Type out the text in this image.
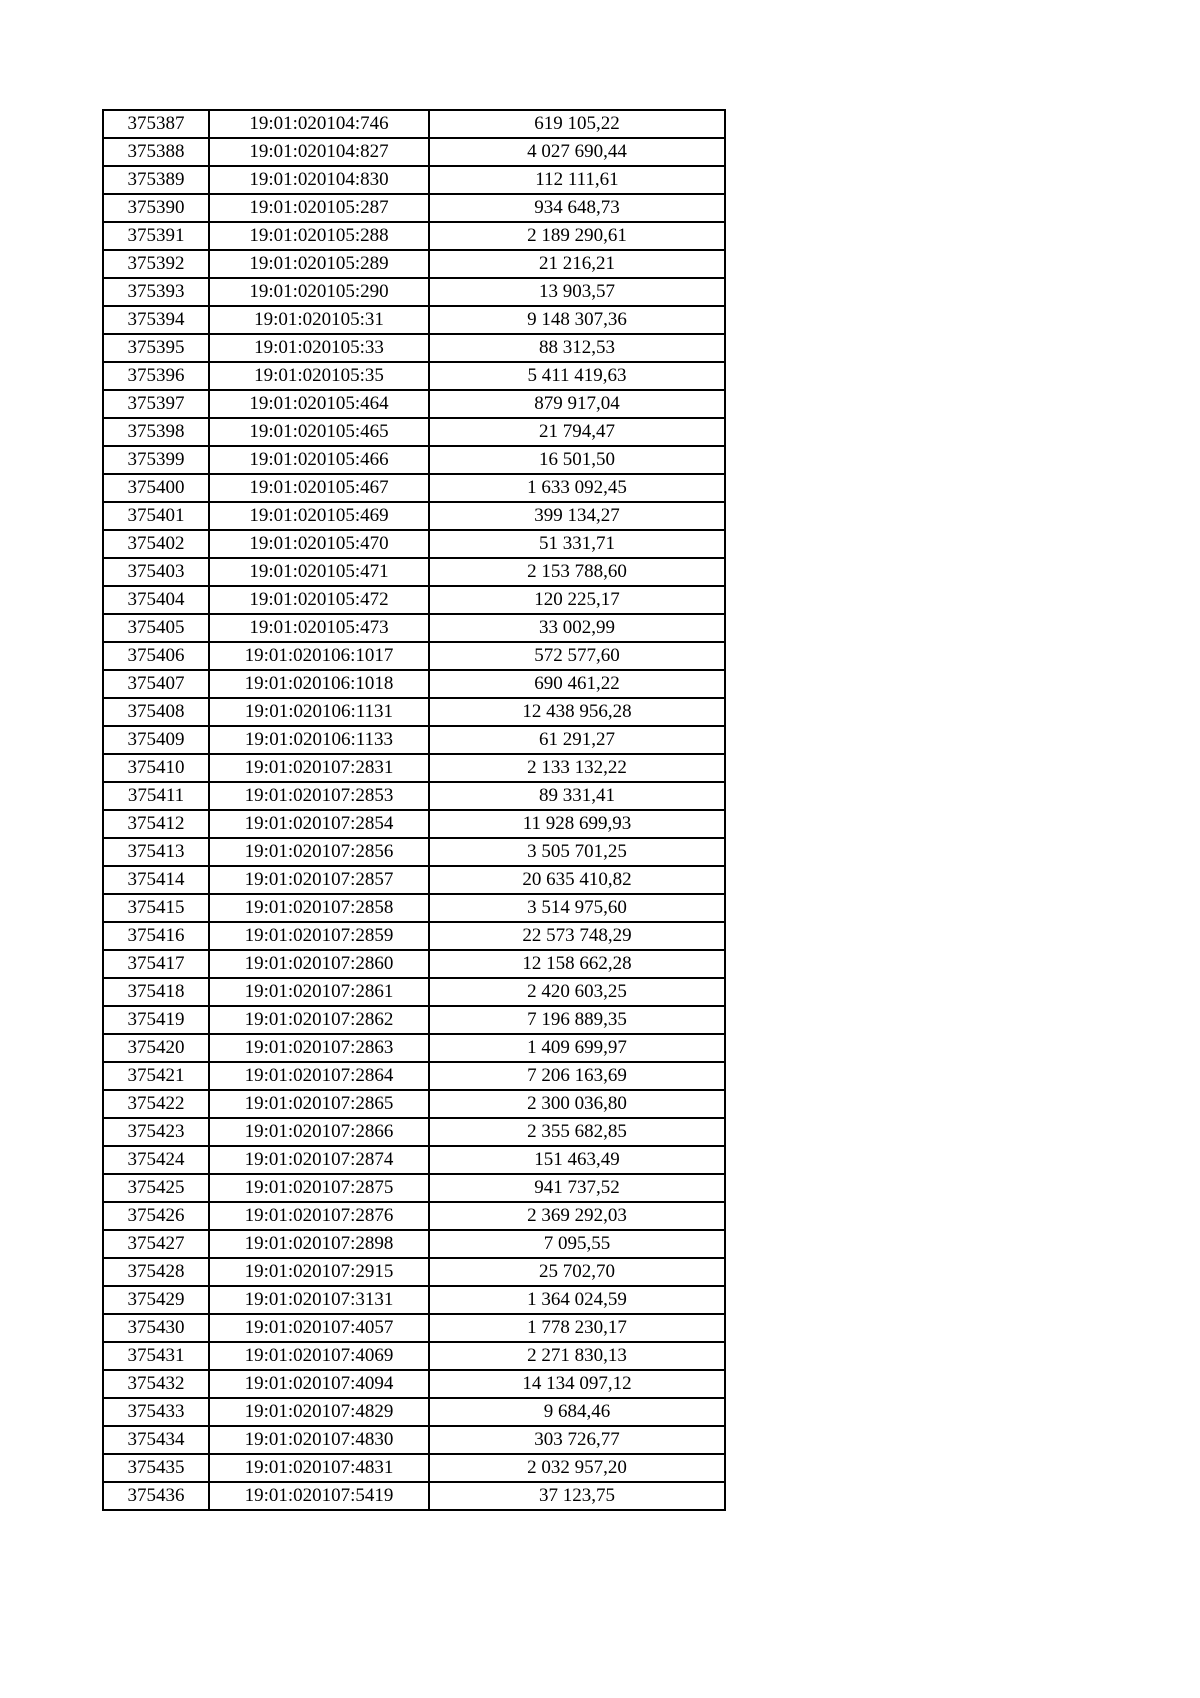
375387	19:01:020104:746	619 105,22
375388	19:01:020104:827	4 027 690,44
375389	19:01:020104:830	112 111,61
375390	19:01:020105:287	934 648,73
375391	19:01:020105:288	2 189 290,61
375392	19:01:020105:289	21 216,21
375393	19:01:020105:290	13 903,57
375394	19:01:020105:31	9 148 307,36
375395	19:01:020105:33	88 312,53
375396	19:01:020105:35	5 411 419,63
375397	19:01:020105:464	879 917,04
375398	19:01:020105:465	21 794,47
375399	19:01:020105:466	16 501,50
375400	19:01:020105:467	1 633 092,45
375401	19:01:020105:469	399 134,27
375402	19:01:020105:470	51 331,71
375403	19:01:020105:471	2 153 788,60
375404	19:01:020105:472	120 225,17
375405	19:01:020105:473	33 002,99
375406	19:01:020106:1017	572 577,60
375407	19:01:020106:1018	690 461,22
375408	19:01:020106:1131	12 438 956,28
375409	19:01:020106:1133	61 291,27
375410	19:01:020107:2831	2 133 132,22
375411	19:01:020107:2853	89 331,41
375412	19:01:020107:2854	11 928 699,93
375413	19:01:020107:2856	3 505 701,25
375414	19:01:020107:2857	20 635 410,82
375415	19:01:020107:2858	3 514 975,60
375416	19:01:020107:2859	22 573 748,29
375417	19:01:020107:2860	12 158 662,28
375418	19:01:020107:2861	2 420 603,25
375419	19:01:020107:2862	7 196 889,35
375420	19:01:020107:2863	1 409 699,97
375421	19:01:020107:2864	7 206 163,69
375422	19:01:020107:2865	2 300 036,80
375423	19:01:020107:2866	2 355 682,85
375424	19:01:020107:2874	151 463,49
375425	19:01:020107:2875	941 737,52
375426	19:01:020107:2876	2 369 292,03
375427	19:01:020107:2898	7 095,55
375428	19:01:020107:2915	25 702,70
375429	19:01:020107:3131	1 364 024,59
375430	19:01:020107:4057	1 778 230,17
375431	19:01:020107:4069	2 271 830,13
375432	19:01:020107:4094	14 134 097,12
375433	19:01:020107:4829	9 684,46
375434	19:01:020107:4830	303 726,77
375435	19:01:020107:4831	2 032 957,20
375436	19:01:020107:5419	37 123,75
